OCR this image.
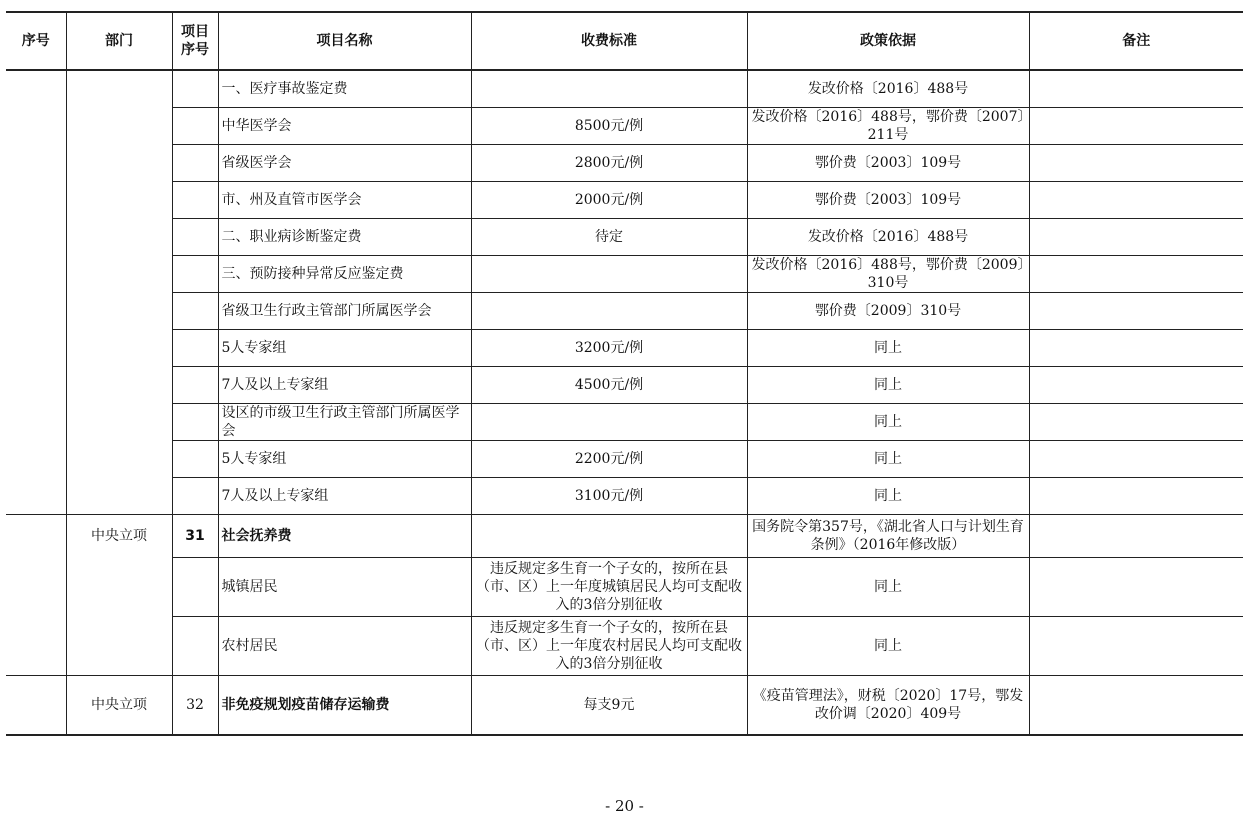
序号	部门	项目序号	项目名称	收费标准	政策依据	备注
			一、医疗事故鉴定费		发改价格〔2016〕488号	
			中华医学会	8500元/例	发改价格〔2016〕488号，鄂价费〔2007〕211号	
			省级医学会	2800元/例	鄂价费〔2003〕109号	
			市、州及直管市医学会	2000元/例	鄂价费〔2003〕109号	
			二、职业病诊断鉴定费	待定	发改价格〔2016〕488号	
			三、预防接种异常反应鉴定费		发改价格〔2016〕488号，鄂价费〔2009〕310号	
			省级卫生行政主管部门所属医学会		鄂价费〔2009〕310号	
			5人专家组	3200元/例	同上	
			7人及以上专家组	4500元/例	同上	
			设区的市级卫生行政主管部门所属医学会		同上	
			5人专家组	2200元/例	同上	
			7人及以上专家组	3100元/例	同上	
	中央立项	31	社会抚养费		国务院令第357号，《湖北省人口与计划生育条例》（2016年修改版）	
			城镇居民	违反规定多生育一个子女的，按所在县（市、区）上一年度城镇居民人均可支配收入的3倍分别征收	同上	
			农村居民	违反规定多生育一个子女的，按所在县（市、区）上一年度农村居民人均可支配收入的3倍分别征收	同上	
	中央立项	32	非免疫规划疫苗储存运输费	每支9元	《疫苗管理法》，财税〔2020〕17号，鄂发改价调〔2020〕409号	
- 20 -
